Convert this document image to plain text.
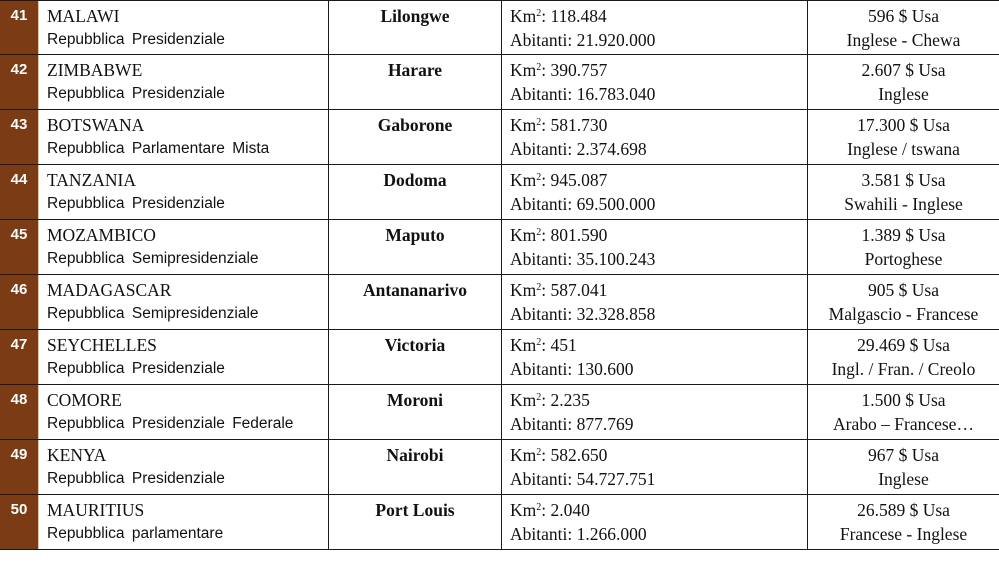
41	MALAWI
Repubblica Presidenziale
Lilongwe	Km$^2$: 118.484
Abitanti: 21.920.000
596 $ Usa
Inglese - Chewa
42	ZIMBABWE
Repubblica Presidenziale
Harare	Km$^2$: 390.757
Abitanti: 16.783.040
2.607 $ Usa
Inglese
43	BOTSWANA
Repubblica Parlamentare Mista
Gaborone	Km$^2$: 581.730
Abitanti: 2.374.698
17.300 $ Usa
Inglese / tswana
44	TANZANIA
Repubblica Presidenziale
Dodoma	Km$^2$: 945.087
Abitanti: 69.500.000
3.581 $ Usa
Swahili - Inglese
45	MOZAMBICO
Repubblica Semipresidenziale
Maputo	Km$^2$: 801.590
Abitanti: 35.100.243
1.389 $ Usa
Portoghese
46	MADAGASCAR
Repubblica Semipresidenziale
Antananarivo	Km$^2$: 587.041
Abitanti: 32.328.858
905 $ Usa
Malgascio - Francese
47	SEYCHELLES
Repubblica Presidenziale
Victoria	Km$^2$: 451
Abitanti: 130.600
29.469 $ Usa
Ingl. / Fran. / Creolo
48	COMORE
Repubblica Presidenziale Federale
Moroni	Km$^2$: 2.235
Abitanti: 877.769
1.500 $ Usa
Arabo – Francese…
49	KENYA
Repubblica Presidenziale
Nairobi	Km$^2$: 582.650
Abitanti: 54.727.751
967 $ Usa
Inglese
50	MAURITIUS
Repubblica parlamentare
Port Louis	Km$^2$: 2.040
Abitanti: 1.266.000
26.589 $ Usa
Francese - Inglese
